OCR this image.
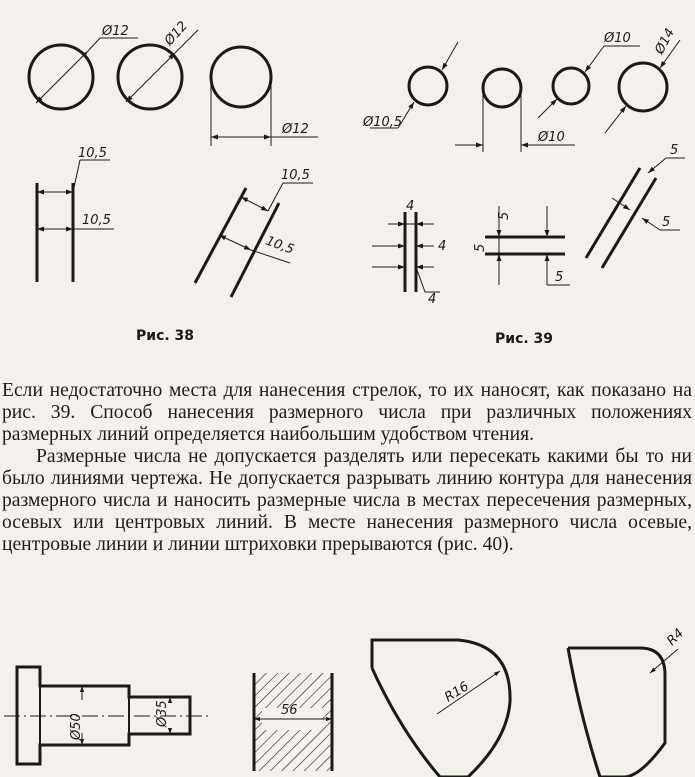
Ø12	Ø12
Ø12
10,5
10,5
10,5
10,5
Рис. 38
Ø10,5
Ø10
Ø10 Ø14
4
4
4
5
5
5
5
5
Рис. 39

Если недостаточно места для нанесения стрелок, то их наносят, как показано на рис. 39. Способ нанесения размерного числа при различных положениях размерных линий определяется наибольшим удобством чтения.

Размерные числа не допускается разделять или пересекать какими бы то ни было линиями чертежа. Не допускается разрывать линию контура для нанесения размерного числа и наносить размерные числа в местах пересечения размерных, осевых или центровых линий. В месте нанесения размерного числа осевые, центровые линии и линии штриховки прерываются (рис. 40).

Ø50	Ø35	56
R16
R4
